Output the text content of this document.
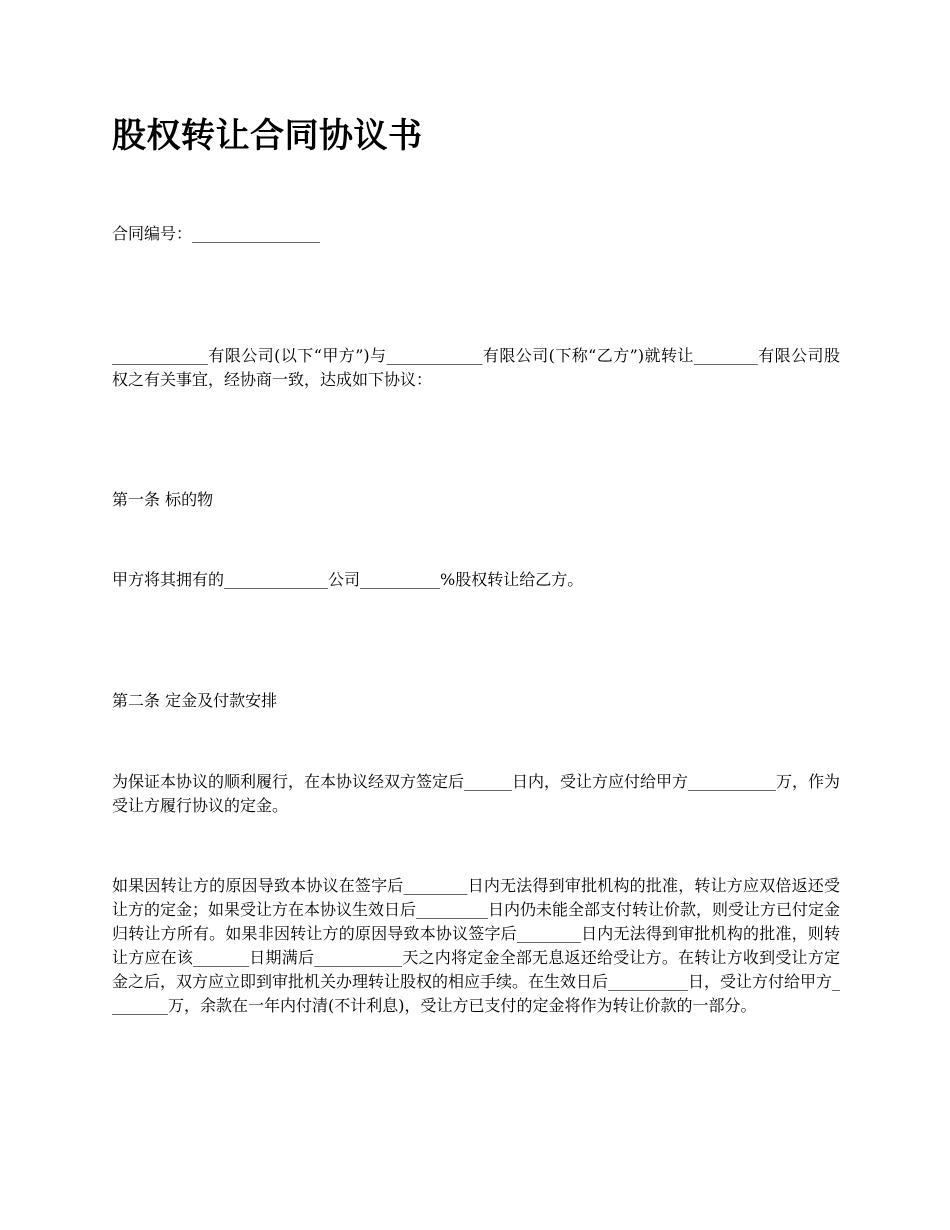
股权转让合同协议书

合同编号：________________

____________有限公司(以下“甲方”)与____________有限公司(下称“乙方”)就转让________有限公司股权之有关事宜，经协商一致，达成如下协议：

第一条 标的物

甲方将其拥有的_____________公司__________%股权转让给乙方。

第二条 定金及付款安排

为保证本协议的顺利履行，在本协议经双方签定后______日内，受让方应付给甲方___________万，作为受让方履行协议的定金。

如果因转让方的原因导致本协议在签字后________日内无法得到审批机构的批准，转让方应双倍返还受让方的定金；如果受让方在本协议生效日后_________日内仍未能全部支付转让价款，则受让方已付定金归转让方所有。如果非因转让方的原因导致本协议签字后________日内无法得到审批机构的批准，则转让方应在该_______日期满后___________天之内将定金全部无息返还给受让方。在转让方收到受让方定金之后，双方应立即到审批机关办理转让股权的相应手续。在生效日后__________日，受让方付给甲方________万，余款在一年内付清(不计利息)，受让方已支付的定金将作为转让价款的一部分。
